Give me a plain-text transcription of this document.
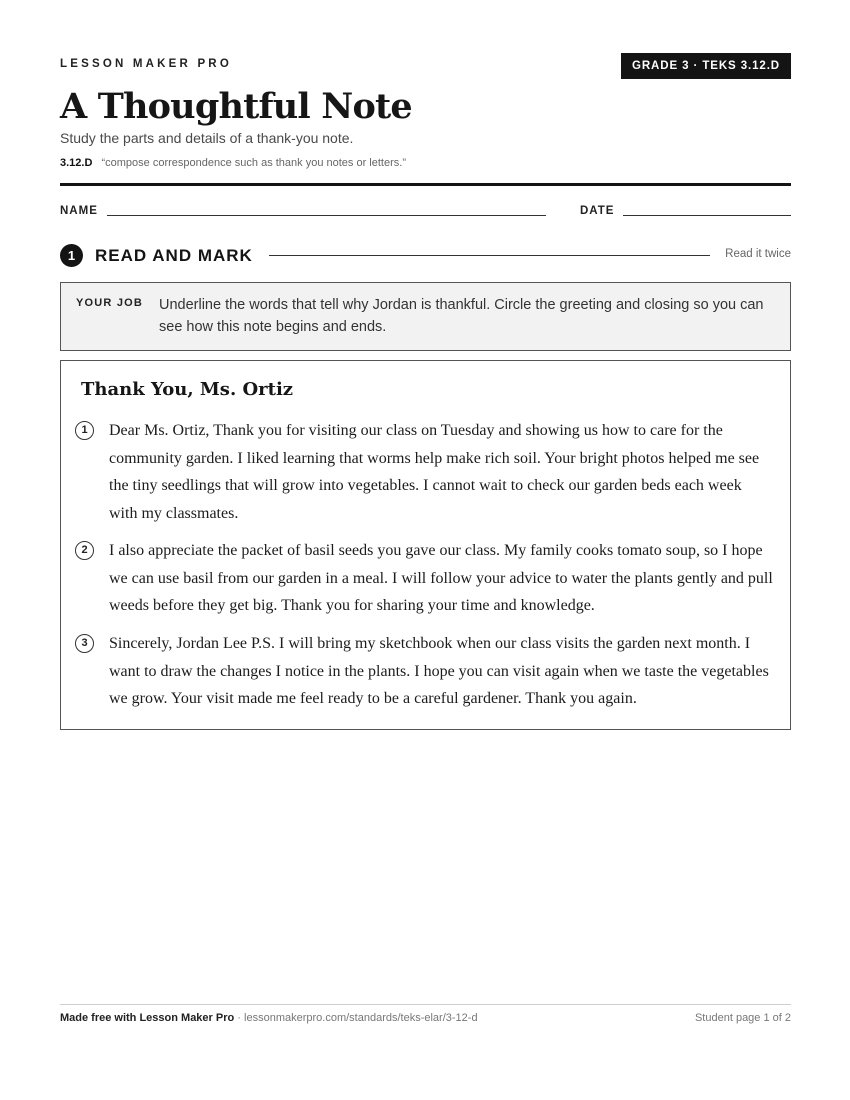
LESSON MAKER PRO	GRADE 3 · TEKS 3.12.D
A Thoughtful Note
Study the parts and details of a thank-you note.
3.12.D “compose correspondence such as thank you notes or letters.”
NAME	DATE
1	READ AND MARK	Read it twice
YOUR JOB Underline the words that tell why Jordan is thankful. Circle the greeting and closing so you can see how this note begins and ends.
Thank You, Ms. Ortiz
1	Dear Ms. Ortiz, Thank you for visiting our class on Tuesday and showing us how to care for the community garden. I liked learning that worms help make rich soil. Your bright photos helped me see the tiny seedlings that will grow into vegetables. I cannot wait to check our garden beds each week with my classmates.
2	I also appreciate the packet of basil seeds you gave our class. My family cooks tomato soup, so I hope we can use basil from our garden in a meal. I will follow your advice to water the plants gently and pull weeds before they get big. Thank you for sharing your time and knowledge.
3	Sincerely, Jordan Lee P.S. I will bring my sketchbook when our class visits the garden next month. I want to draw the changes I notice in the plants. I hope you can visit again when we taste the vegetables we grow. Your visit made me feel ready to be a careful gardener. Thank you again.
Made free with Lesson Maker Pro · lessonmakerpro.com/standards/teks-elar/3-12-d	Student page 1 of 2
